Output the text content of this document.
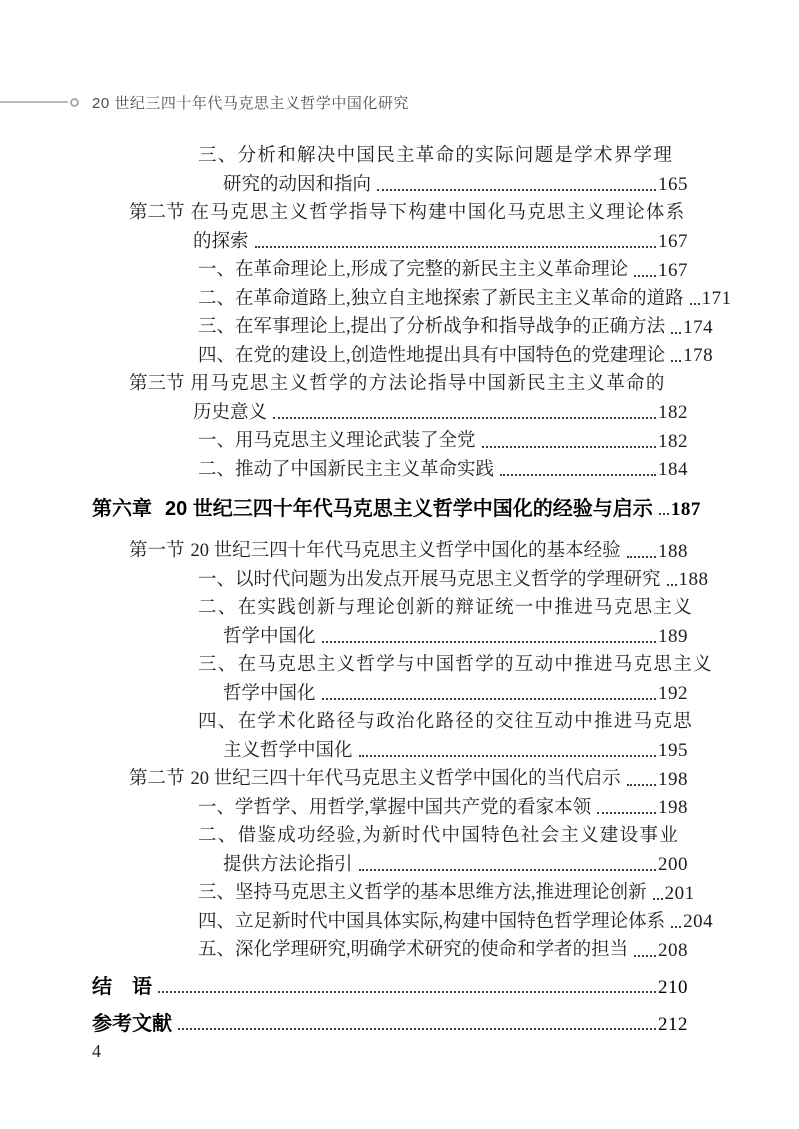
20 世纪三四十年代马克思主义哲学中国化研究
三、分析和解决中国民主革命的实际问题是学术界学理
研究的动因和指向	165
第二节 在马克思主义哲学指导下构建中国化马克思主义理论体系
的探索	167
一、在革命理论上,形成了完整的新民主主义革命理论 167
二、在革命道路上,独立自主地探索了新民主主义革命的道路 171
三、在军事理论上,提出了分析战争和指导战争的正确方法 174
四、在党的建设上,创造性地提出具有中国特色的党建理论 178
第三节 用马克思主义哲学的方法论指导中国新民主主义革命的
历史意义	182
一、用马克思主义理论武装了全党	182
二、推动了中国新民主主义革命实践	184
第六章 20 世纪三四十年代马克思主义哲学中国化的经验与启示 187
第一节 20 世纪三四十年代马克思主义哲学中国化的基本经验 188
一、以时代问题为出发点开展马克思主义哲学的学理研究 188
二、在实践创新与理论创新的辩证统一中推进马克思主义
哲学中国化	189
三、在马克思主义哲学与中国哲学的互动中推进马克思主义
哲学中国化	192
四、在学术化路径与政治化路径的交往互动中推进马克思
主义哲学中国化	195
第二节 20 世纪三四十年代马克思主义哲学中国化的当代启示 198
一、学哲学、用哲学,掌握中国共产党的看家本领	198
二、借鉴成功经验,为新时代中国特色社会主义建设事业
提供方法论指引	200
三、坚持马克思主义哲学的基本思维方法,推进理论创新 201
四、立足新时代中国具体实际,构建中国特色哲学理论体系 204
五、深化学理研究,明确学术研究的使命和学者的担当 208
结　语	210
参考文献	212
4
